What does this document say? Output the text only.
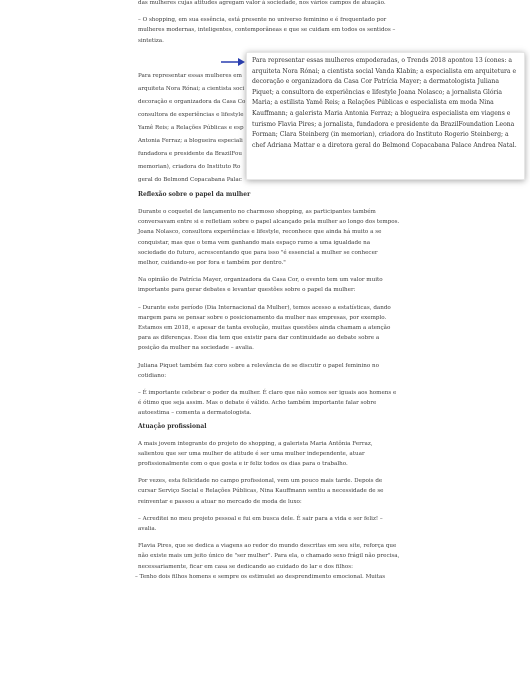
das mulheres cujas atitudes agregam valor à sociedade, nos vários campos de atuação.

– O shopping, em sua essência, está presente no universo feminino e é frequentado por mulheres modernas, inteligentes, contemporâneas e que se cuidam em todos os sentidos – sintetiza.

Para representar essas mulheres em

arquiteta Nora Rónai; a cientista soci

decoração e organizadora da Casa Co

consultora de experiências e lifestyle

Yamê Reis; a Relações Públicas e esp

Antonia Ferraz; a blogueira especiali

fundadora e presidente da BrazilFou

memorian), criadora do Instituto Ro

geral do Belmond Copacabana Palac

Reflexão sobre o papel da mulher

Durante o coquetel de lançamento no charmoso shopping, as participantes também conversavam entre si e refletiam sobre o papel alcançado pela mulher ao longo dos tempos. Joana Nolasco, consultora experiências e lifestyle, reconhece que ainda há muito a se conquistar, mas que o tema vem ganhando mais espaço rumo a uma igualdade na sociedade do futuro, acrescentando que para isso "é essencial a mulher se conhecer melhor, cuidando-se por fora e também por dentro."

Na opinião de Patrícia Mayer, organizadora da Casa Cor, o evento tem um valor muito importante para gerar debates e levantar questões sobre o papel da mulher:

– Durante este período (Dia Internacional da Mulher), temos acesso a estatísticas, dando margem para se pensar sobre o posicionamento da mulher nas empresas, por exemplo. Estamos em 2018, e apesar de tanta evolução, muitas questões ainda chamam a atenção para as diferenças. Esse dia tem que existir para dar continuidade ao debate sobre a posição da mulher na sociedade – avalia.

Juliana Piquet também faz coro sobre a relevância de se discutir o papel feminino no cotidiano:

– É importante celebrar o poder da mulher. É claro que não somos ser iguais aos homens e é ótimo que seja assim. Mas o debate é válido. Acho também importante falar sobre autoestima – comenta a dermatologista.

Atuação profissional

A mais jovem integrante do projeto do shopping, a galerista Maria Antônia Ferraz, salientou que ser uma mulher de atitude é ser uma mulher independente, atuar profissionalmente com o que gosta e ir feliz todos os dias para o trabalho.

Por vezes, esta felicidade no campo profissional, vem um pouco mais tarde. Depois de cursar Serviço Social e Relações Públicas, Nina Kauffmann sentiu a necessidade de se reinventar e passou a atuar no mercado de moda de luxo:

– Acreditei no meu projeto pessoal e fui em busca dele. É sair para a vida e ser feliz! – avalia.

Flavia Pires, que se dedica a viagens ao redor do mundo descritas em seu site, reforça que não existe mais um jeito único de "ser mulher". Para ela, o chamado sexo frágil não precisa, necessariamente, ficar em casa se dedicando ao cuidado do lar e dos filhos:

– Tenho dois filhos homens e sempre os estimulei ao desprendimento emocional. Muitas

Para representar essas mulheres empoderadas, o Trends 2018 apontou 13 ícones: a arquiteta Nora Rónai; a cientista social Vanda Klabin; a especialista em arquitetura e decoração e organizadora da Casa Cor Patrícia Mayer; a dermatologista Juliana Piquet; a consultora de experiências e lifestyle Joana Nolasco; a jornalista Glória Maria; a estilista Yamê Reis; a Relações Públicas e especialista em moda Nina Kauffmann; a galerista Maria Antonia Ferraz; a blogueira especialista em viagens e turismo Flavia Pires; a jornalista, fundadora e presidente da BrazilFoundation Leona Forman; Clara Steinberg (in memorian), criadora do Instituto Rogerio Steinberg; a chef Adriana Mattar e a diretora geral do Belmond Copacabana Palace Andrea Natal.
